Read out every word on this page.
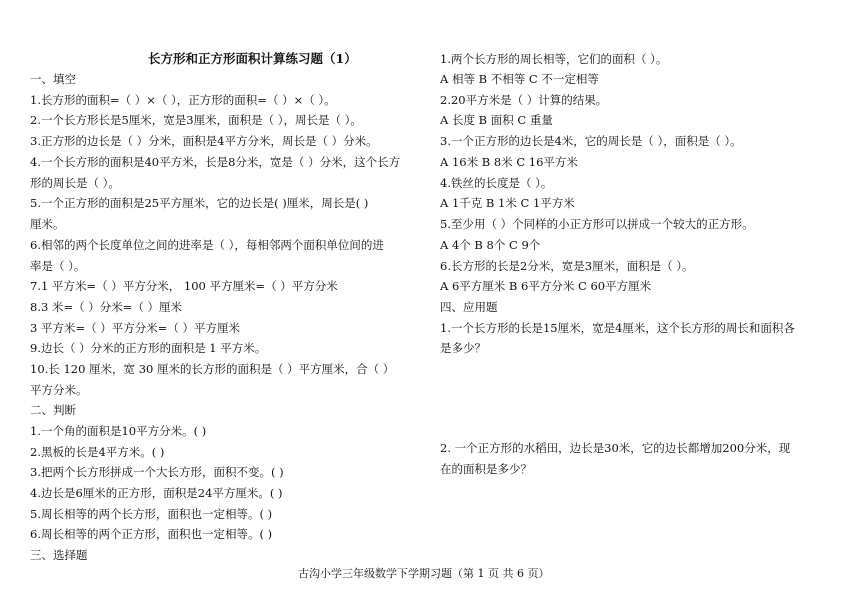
长方形和正方形面积计算练习题（1）
一、填空
1.长方形的面积=（ ）×（ ），正方形的面积=（ ）×（ ）。
2.一个长方形长是5厘米，宽是3厘米，面积是（ ），周长是（ ）。
3.正方形的边长是（ ）分米，面积是4平方分米，周长是（ ）分米。
4.一个长方形的面积是40平方米，长是8分米，宽是（ ）分米，这个长方
形的周长是（ ）。
5.一个正方形的面积是25平方厘米，它的边长是( )厘米，周长是( )
厘米。
6.相邻的两个长度单位之间的进率是（ ），每相邻两个面积单位间的进
率是（ ）。
7.1 平方米=（ ）平方分米， 100 平方厘米=（ ）平方分米
8.3 米=（ ）分米=（ ）厘米
3 平方米=（ ）平方分米=（ ）平方厘米
9.边长（ ）分米的正方形的面积是 1 平方米。
10.长 120 厘米，宽 30 厘米的长方形的面积是（ ）平方厘米，合（ ）
平方分米。
二、判断
1.一个角的面积是10平方分米。( )
2.黑板的长是4平方米。( )
3.把两个长方形拼成一个大长方形，面积不变。( )
4.边长是6厘米的正方形，面积是24平方厘米。( )
5.周长相等的两个长方形，面积也一定相等。( )
6.周长相等的两个正方形，面积也一定相等。( )
三、选择题
1.两个长方形的周长相等，它们的面积（ ）。
A 相等 B 不相等 C 不一定相等
2.20平方米是（ ）计算的结果。
A 长度 B 面积 C 重量
3.一个正方形的边长是4米，它的周长是（ ），面积是（ ）。
A 16米 B 8米 C 16平方米
4.铁丝的长度是（ ）。
A 1千克 B 1米 C 1平方米
5.至少用（ ）个同样的小正方形可以拼成一个较大的正方形。
A 4个 B 8个 C 9个
6.长方形的长是2分米，宽是3厘米，面积是（ ）。
A 6平方厘米 B 6平方分米 C 60平方厘米
四、应用题
1.一个长方形的长是15厘米，宽是4厘米，这个长方形的周长和面积各
是多少？
2. 一个正方形的水稻田，边长是30米，它的边长都增加200分米，现
在的面积是多少？
古沟小学三年级数学下学期习题（第 1 页 共 6 页）
